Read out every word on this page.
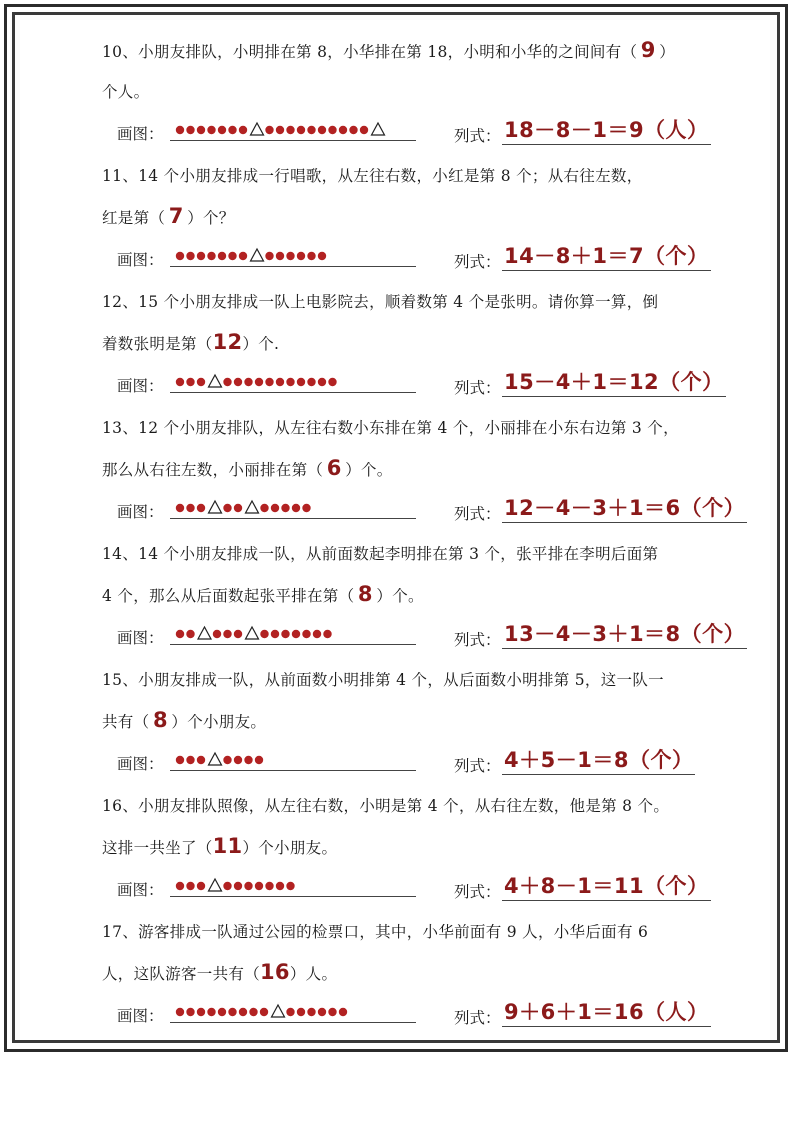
10、小朋友排队，小明排在第 8，小华排在第 18，小明和小华的之间间有（ 9 ）
个人。
画图：	列式： 18－8－1＝9（人）
11、14 个小朋友排成一行唱歌，从左往右数，小红是第 8 个；从右往左数，
红是第（ 7 ）个？
画图：	列式： 14－8＋1＝7（个）
12、15 个小朋友排成一队上电影院去，顺着数第 4 个是张明。请你算一算，倒
着数张明是第（12）个.
画图：	列式： 15－4＋1＝12（个）
13、12 个小朋友排队，从左往右数小东排在第 4 个，小丽排在小东右边第 3 个，
那么从右往左数，小丽排在第（ 6 ）个。
画图：	列式： 12－4－3＋1＝6（个）
14、14 个小朋友排成一队，从前面数起李明排在第 3 个，张平排在李明后面第
4 个，那么从后面数起张平排在第（ 8 ）个。
画图：	列式： 13－4－3＋1＝8（个）
15、小朋友排成一队，从前面数小明排第 4 个，从后面数小明排第 5，这一队一
共有（ 8 ）个小朋友。
画图：	列式： 4＋5－1＝8（个）
16、小朋友排队照像，从左往右数，小明是第 4 个，从右往左数，他是第 8 个。
这排一共坐了（11）个小朋友。
画图：	列式： 4＋8－1＝11（个）
17、游客排成一队通过公园的检票口，其中，小华前面有 9 人，小华后面有 6
人，这队游客一共有（16）人。
画图：	列式： 9＋6＋1＝16（人）
